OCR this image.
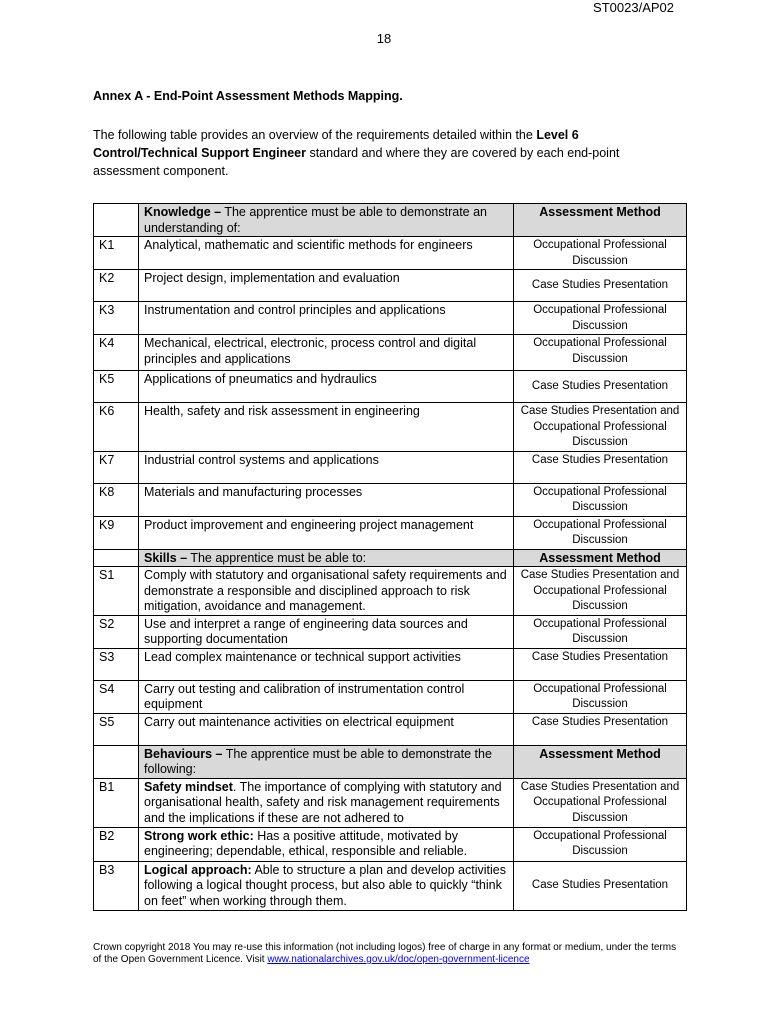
ST0023/AP02
18
Annex A - End-Point Assessment Methods Mapping.
The following table provides an overview of the requirements detailed within the Level 6 Control/Technical Support Engineer standard and where they are covered by each end-point assessment component.
	Knowledge – The apprentice must be able to demonstrate an understanding of:	Assessment Method
K1	Analytical, mathematic and scientific methods for engineers	Occupational Professional Discussion
K2	Project design, implementation and evaluation	Case Studies Presentation
K3	Instrumentation and control principles and applications	Occupational Professional Discussion
K4	Mechanical, electrical, electronic, process control and digital principles and applications	Occupational Professional Discussion
K5	Applications of pneumatics and hydraulics	Case Studies Presentation
K6	Health, safety and risk assessment in engineering	Case Studies Presentation and Occupational Professional Discussion
K7	Industrial control systems and applications	Case Studies Presentation
K8	Materials and manufacturing processes	Occupational Professional Discussion
K9	Product improvement and engineering project management	Occupational Professional Discussion
	Skills – The apprentice must be able to:	Assessment Method
S1	Comply with statutory and organisational safety requirements and demonstrate a responsible and disciplined approach to risk mitigation, avoidance and management.	Case Studies Presentation and Occupational Professional Discussion
S2	Use and interpret a range of engineering data sources and supporting documentation	Occupational Professional Discussion
S3	Lead complex maintenance or technical support activities	Case Studies Presentation
S4	Carry out testing and calibration of instrumentation control equipment	Occupational Professional Discussion
S5	Carry out maintenance activities on electrical equipment	Case Studies Presentation
	Behaviours – The apprentice must be able to demonstrate the following:	Assessment Method
B1	Safety mindset. The importance of complying with statutory and organisational health, safety and risk management requirements and the implications if these are not adhered to	Case Studies Presentation and Occupational Professional Discussion
B2	Strong work ethic: Has a positive attitude, motivated by engineering; dependable, ethical, responsible and reliable.	Occupational Professional Discussion
B3	Logical approach: Able to structure a plan and develop activities following a logical thought process, but also able to quickly “think on feet” when working through them.	Case Studies Presentation
Crown copyright 2018 You may re-use this information (not including logos) free of charge in any format or medium, under the terms of the Open Government Licence. Visit www.nationalarchives.gov.uk/doc/open-government-licence
